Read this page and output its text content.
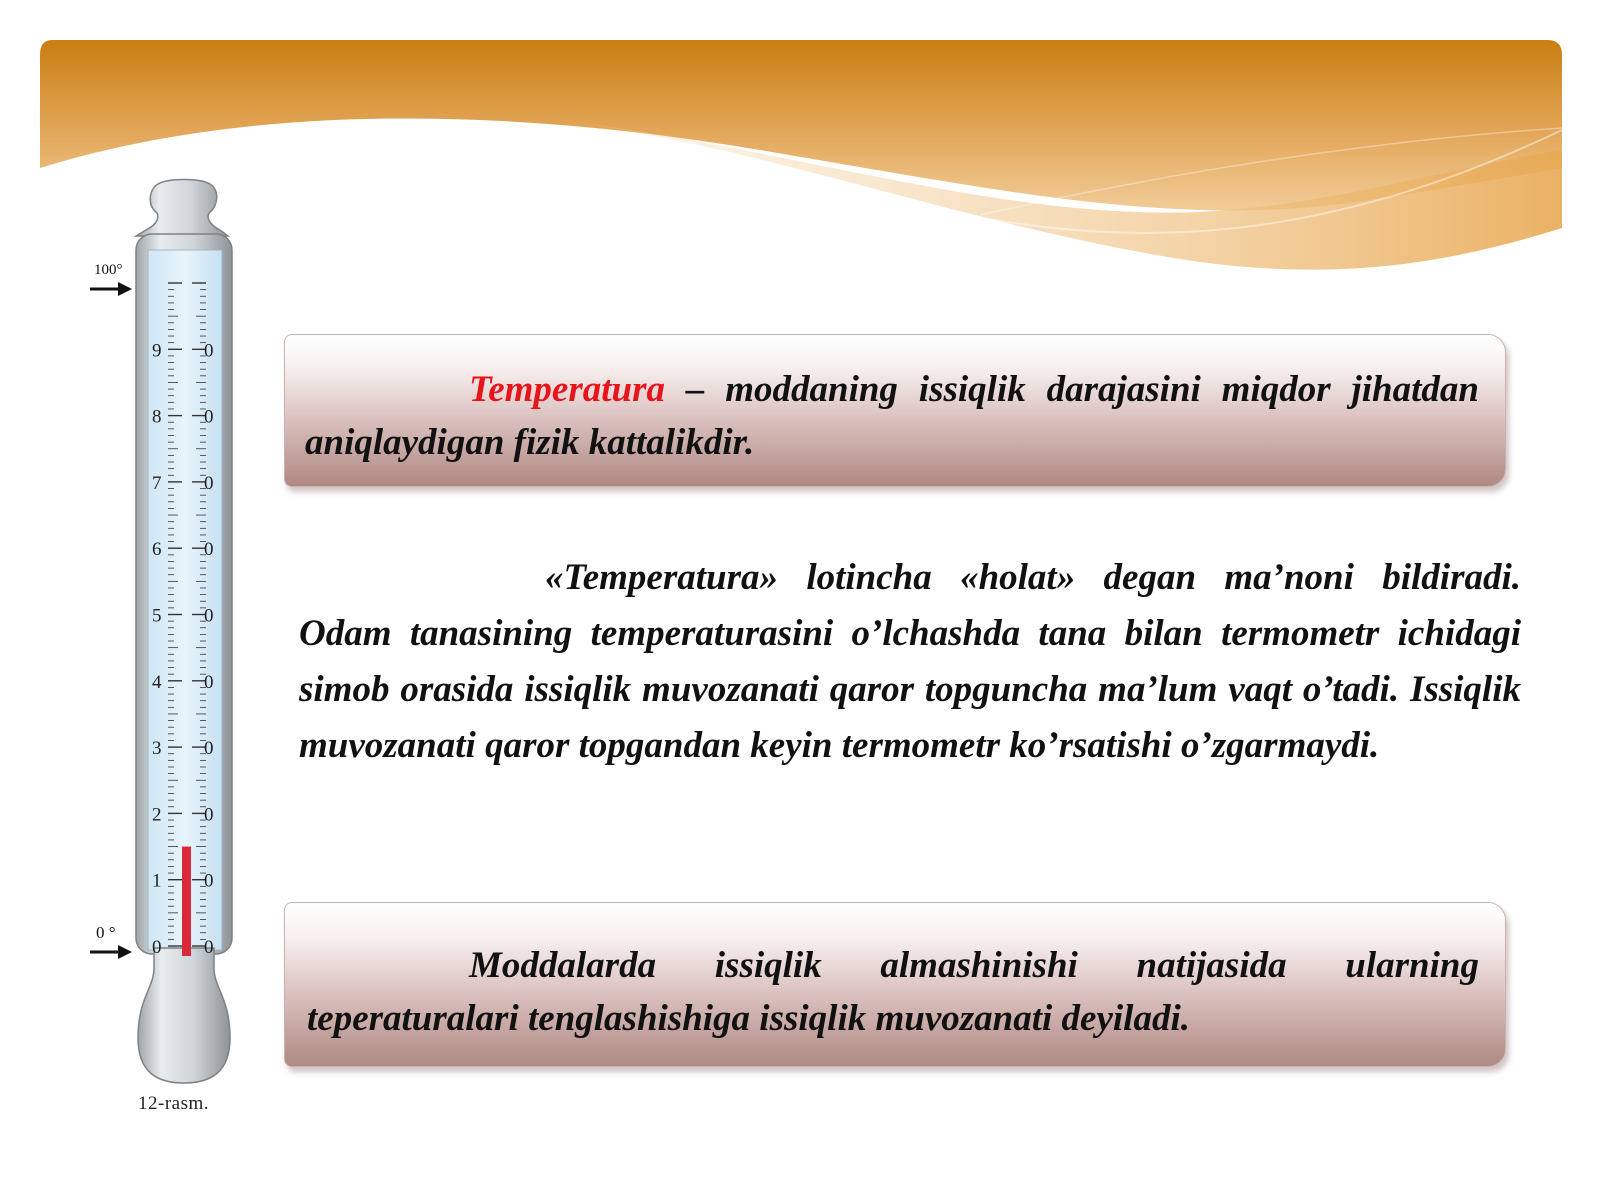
9 0
8 0
7 0
6 0
5 0
4 0
3 0
2 0
1 0
0 0
100°
0 °
12-rasm.

Temperatura – moddaning issiqlik darajasini miqdor jihatdan aniqlaydigan fizik kattalikdir.

«Temperatura» lotincha «holat» degan ma’noni bildiradi. Odam tanasining temperaturasini o’lchashda tana bilan termometr ichidagi simob orasida issiqlik muvozanati qaror topguncha ma’lum vaqt o’tadi. Issiqlik muvozanati qaror topgandan keyin termometr ko’rsatishi o’zgarmaydi.

Moddalarda issiqlik almashinishi natijasida ularning teperaturalari tenglashishiga issiqlik muvozanati deyiladi.
